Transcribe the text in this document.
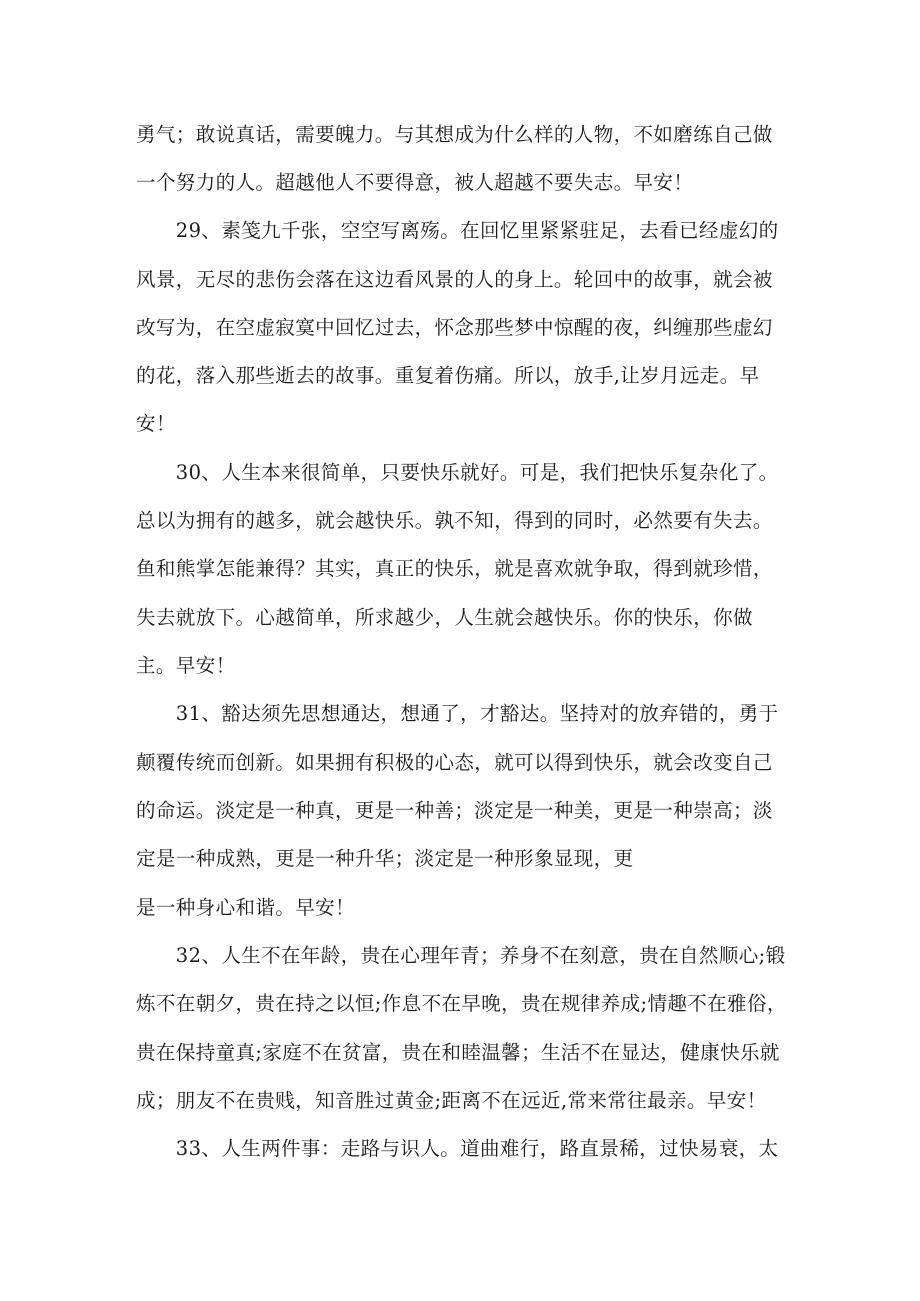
勇气；敢说真话，需要魄力。与其想成为什么样的人物，不如磨练自己做
一个努力的人。超越他人不要得意，被人超越不要失志。早安！
　　29、素笺九千张，空空写离殇。在回忆里紧紧驻足，去看已经虚幻的
风景，无尽的悲伤会落在这边看风景的人的身上。轮回中的故事，就会被
改写为，在空虚寂寞中回忆过去，怀念那些梦中惊醒的夜，纠缠那些虚幻
的花，落入那些逝去的故事。重复着伤痛。所以，放手,让岁月远走。早
安！
　　30、人生本来很简单，只要快乐就好。可是，我们把快乐复杂化了。
总以为拥有的越多，就会越快乐。孰不知，得到的同时，必然要有失去。
鱼和熊掌怎能兼得？其实，真正的快乐，就是喜欢就争取，得到就珍惜，
失去就放下。心越简单，所求越少，人生就会越快乐。你的快乐，你做
主。早安！
　　31、豁达须先思想通达，想通了，才豁达。坚持对的放弃错的，勇于
颠覆传统而创新。如果拥有积极的心态，就可以得到快乐，就会改变自己
的命运。淡定是一种真，更是一种善；淡定是一种美，更是一种崇高；淡
定是一种成熟，更是一种升华；淡定是一种形象显现，更
是一种身心和谐。早安！
　　32、人生不在年龄，贵在心理年青；养身不在刻意，贵在自然顺心;锻
炼不在朝夕，贵在持之以恒;作息不在早晚，贵在规律养成;情趣不在雅俗，
贵在保持童真;家庭不在贫富，贵在和睦温馨；生活不在显达，健康快乐就
成；朋友不在贵贱，知音胜过黄金;距离不在远近,常来常往最亲。早安！
　　33、人生两件事：走路与识人。道曲难行，路直景稀，过快易衰，太
